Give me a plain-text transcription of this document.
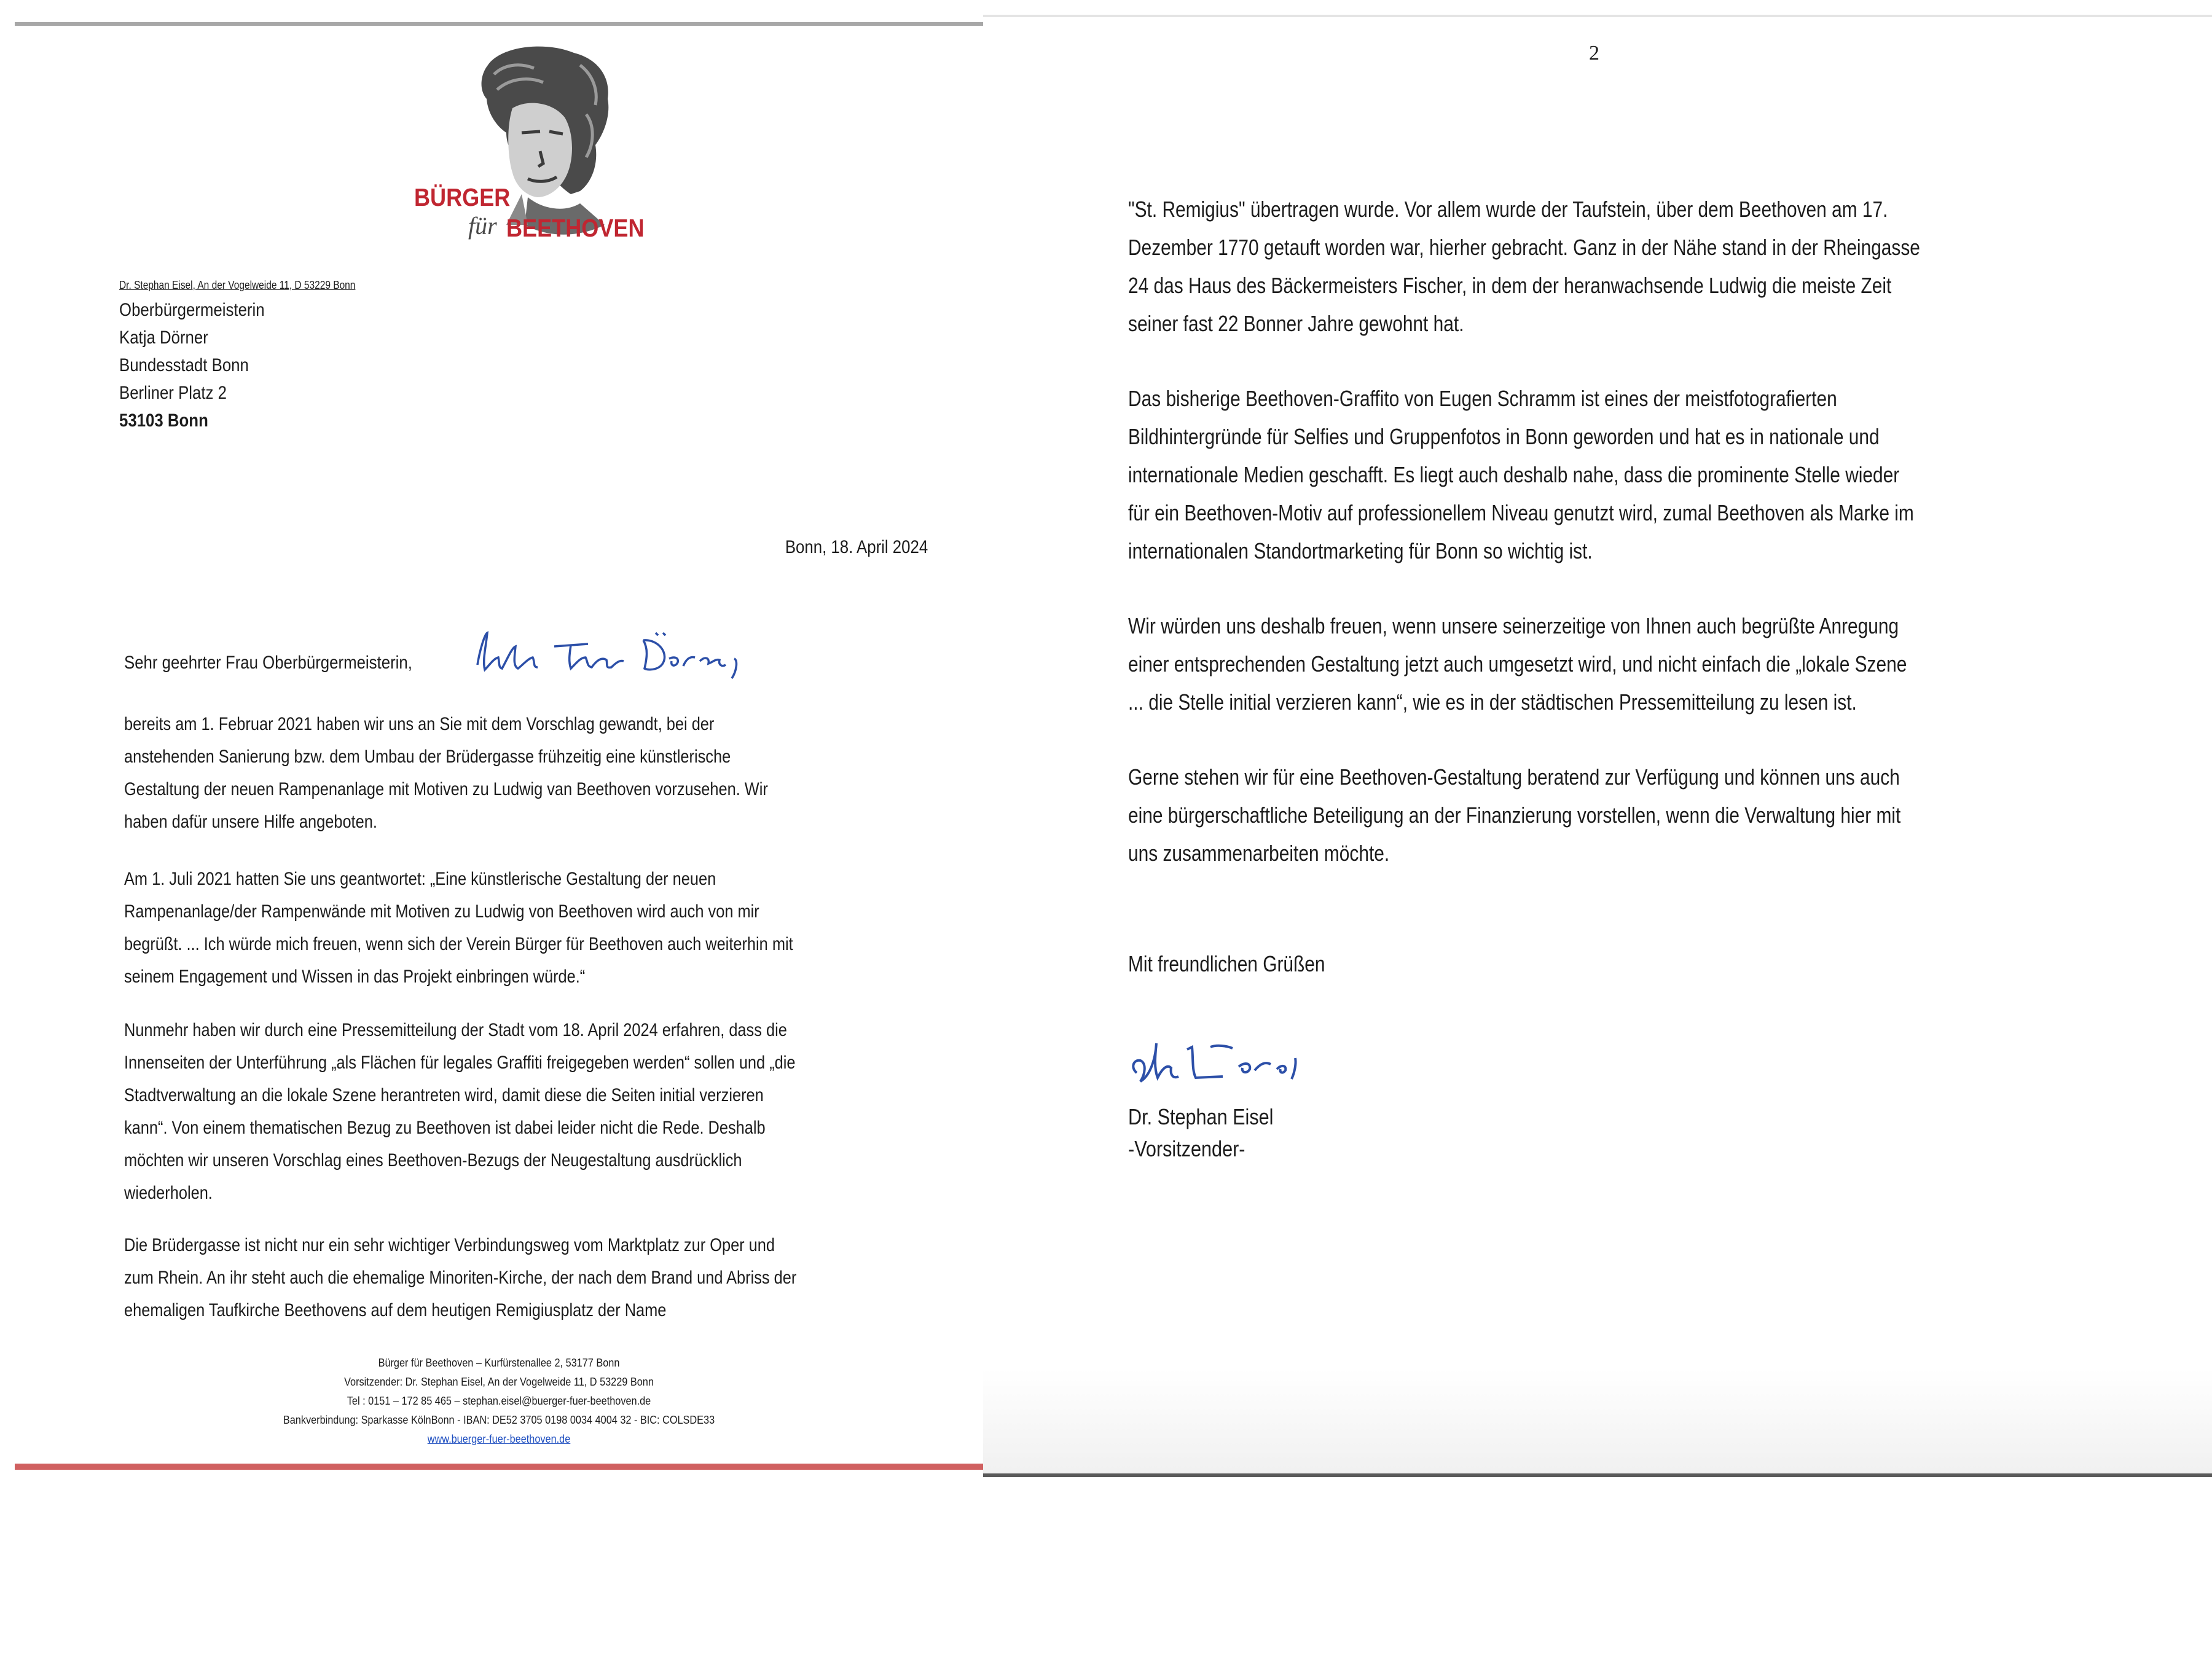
BÜRGER
für BEETHOVEN
Dr. Stephan Eisel, An der Vogelweide 11, D 53229 Bonn
Oberbürgermeisterin
Katja Dörner
Bundesstadt Bonn
Berliner Platz 2
53103 Bonn
Bonn, 18. April 2024
Sehr geehrter Frau Oberbürgermeisterin,
bereits am 1. Februar 2021 haben wir uns an Sie mit dem Vorschlag gewandt, bei der
anstehenden Sanierung bzw. dem Umbau der Brüdergasse frühzeitig eine künstlerische
Gestaltung der neuen Rampenanlage mit Motiven zu Ludwig van Beethoven vorzusehen. Wir
haben dafür unsere Hilfe angeboten.
Am 1. Juli 2021 hatten Sie uns geantwortet: „Eine künstlerische Gestaltung der neuen
Rampenanlage/der Rampenwände mit Motiven zu Ludwig von Beethoven wird auch von mir
begrüßt. ... Ich würde mich freuen, wenn sich der Verein Bürger für Beethoven auch weiterhin mit
seinem Engagement und Wissen in das Projekt einbringen würde.“
Nunmehr haben wir durch eine Pressemitteilung der Stadt vom 18. April 2024 erfahren, dass die
Innenseiten der Unterführung „als Flächen für legales Graffiti freigegeben werden“ sollen und „die
Stadtverwaltung an die lokale Szene herantreten wird, damit diese die Seiten initial verzieren
kann“. Von einem thematischen Bezug zu Beethoven ist dabei leider nicht die Rede. Deshalb
möchten wir unseren Vorschlag eines Beethoven-Bezugs der Neugestaltung ausdrücklich
wiederholen.
Die Brüdergasse ist nicht nur ein sehr wichtiger Verbindungsweg vom Marktplatz zur Oper und
zum Rhein. An ihr steht auch die ehemalige Minoriten-Kirche, der nach dem Brand und Abriss der
ehemaligen Taufkirche Beethovens auf dem heutigen Remigiusplatz der Name
Bürger für Beethoven – Kurfürstenallee 2, 53177 Bonn
Vorsitzender: Dr. Stephan Eisel, An der Vogelweide 11, D 53229 Bonn
Tel : 0151 – 172 85 465 – stephan.eisel@buerger-fuer-beethoven.de
Bankverbindung: Sparkasse KölnBonn - IBAN: DE52 3705 0198 0034 4004 32 - BIC: COLSDE33
www.buerger-fuer-beethoven.de
2
"St. Remigius" übertragen wurde. Vor allem wurde der Taufstein, über dem Beethoven am 17.
Dezember 1770 getauft worden war, hierher gebracht. Ganz in der Nähe stand in der Rheingasse
24 das Haus des Bäckermeisters Fischer, in dem der heranwachsende Ludwig die meiste Zeit
seiner fast 22 Bonner Jahre gewohnt hat.
Das bisherige Beethoven-Graffito von Eugen Schramm ist eines der meistfotografierten
Bildhintergründe für Selfies und Gruppenfotos in Bonn geworden und hat es in nationale und
internationale Medien geschafft. Es liegt auch deshalb nahe, dass die prominente Stelle wieder
für ein Beethoven-Motiv auf professionellem Niveau genutzt wird, zumal Beethoven als Marke im
internationalen Standortmarketing für Bonn so wichtig ist.
Wir würden uns deshalb freuen, wenn unsere seinerzeitige von Ihnen auch begrüßte Anregung
einer entsprechenden Gestaltung jetzt auch umgesetzt wird, und nicht einfach die „lokale Szene
... die Stelle initial verzieren kann“, wie es in der städtischen Pressemitteilung zu lesen ist.
Gerne stehen wir für eine Beethoven-Gestaltung beratend zur Verfügung und können uns auch
eine bürgerschaftliche Beteiligung an der Finanzierung vorstellen, wenn die Verwaltung hier mit
uns zusammenarbeiten möchte.
Mit freundlichen Grüßen
Dr. Stephan Eisel
-Vorsitzender-
